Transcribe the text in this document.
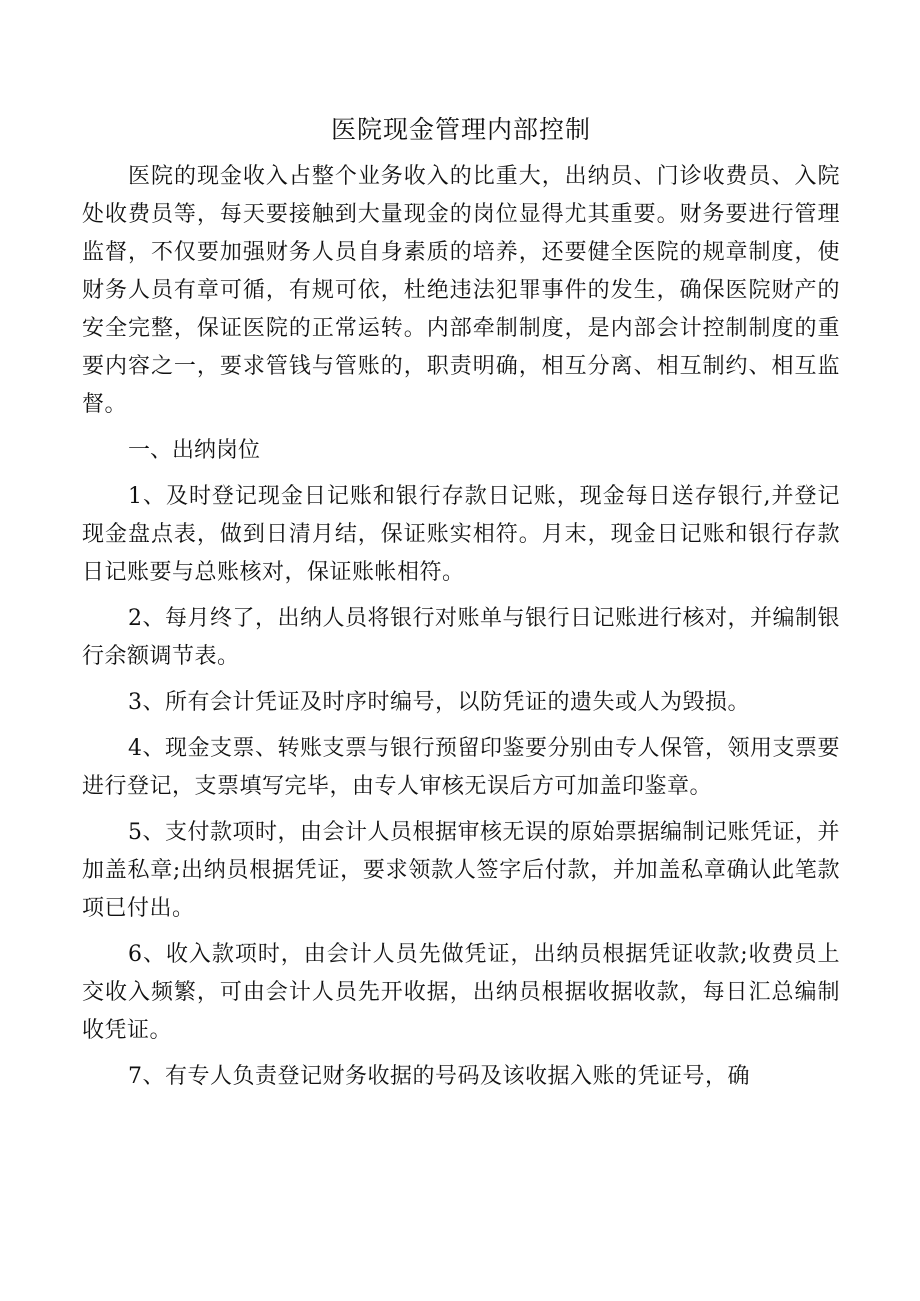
医院现金管理内部控制

医院的现金收入占整个业务收入的比重大，出纳员、门诊收费员、入院处收费员等，每天要接触到大量现金的岗位显得尤其重要。财务要进行管理监督，不仅要加强财务人员自身素质的培养，还要健全医院的规章制度，使财务人员有章可循，有规可依，杜绝违法犯罪事件的发生，确保医院财产的安全完整，保证医院的正常运转。内部牵制制度，是内部会计控制制度的重要内容之一，要求管钱与管账的，职责明确，相互分离、相互制约、相互监督。

一、出纳岗位

1、及时登记现金日记账和银行存款日记账，现金每日送存银行,并登记现金盘点表，做到日清月结，保证账实相符。月末，现金日记账和银行存款日记账要与总账核对，保证账帐相符。

2、每月终了，出纳人员将银行对账单与银行日记账进行核对，并编制银行余额调节表。

3、所有会计凭证及时序时编号，以防凭证的遗失或人为毁损。

4、现金支票、转账支票与银行预留印鉴要分别由专人保管，领用支票要进行登记，支票填写完毕，由专人审核无误后方可加盖印鉴章。

5、支付款项时，由会计人员根据审核无误的原始票据编制记账凭证，并加盖私章;出纳员根据凭证，要求领款人签字后付款，并加盖私章确认此笔款项已付出。

6、收入款项时，由会计人员先做凭证，出纳员根据凭证收款;收费员上交收入频繁，可由会计人员先开收据，出纳员根据收据收款，每日汇总编制收凭证。

7、有专人负责登记财务收据的号码及该收据入账的凭证号，确
